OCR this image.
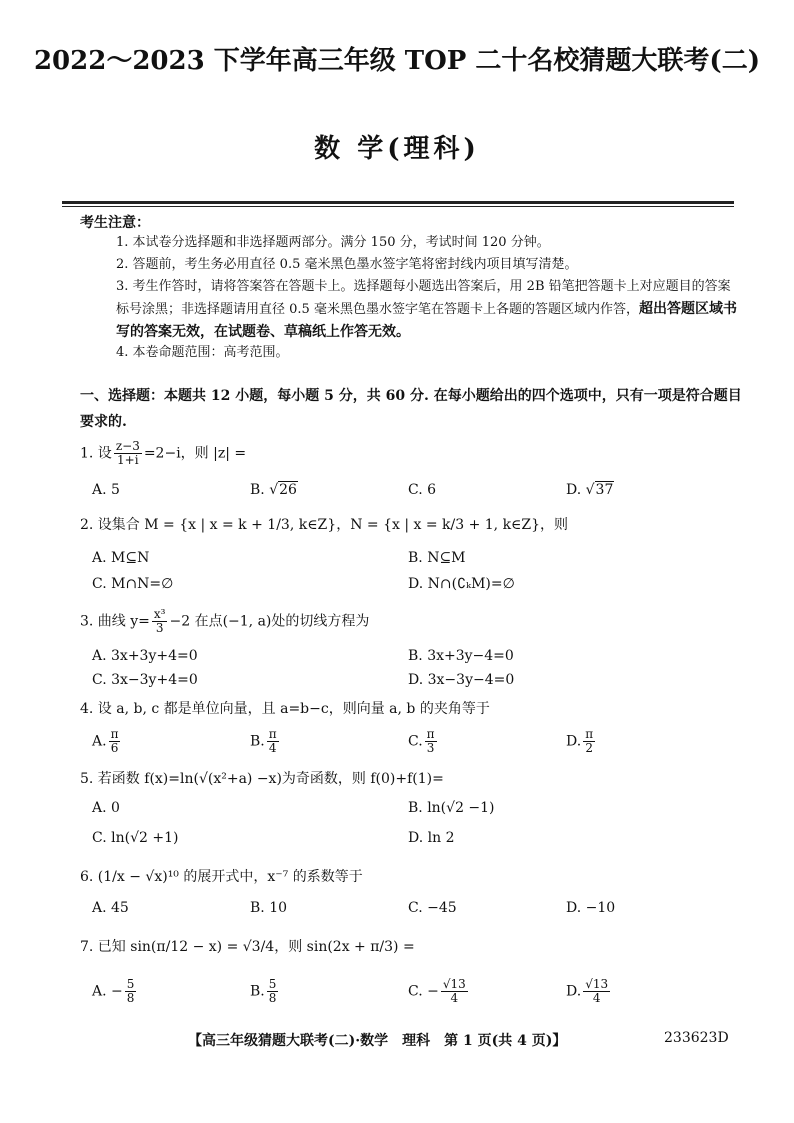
2022～2023 下学年高三年级 TOP 二十名校猜题大联考(二)
数 学(理科)
考生注意：
1. 本试卷分选择题和非选择题两部分。满分 150 分，考试时间 120 分钟。
2. 答题前，考生务必用直径 0.5 毫米黑色墨水签字笔将密封线内项目填写清楚。
3. 考生作答时，请将答案答在答题卡上。选择题每小题选出答案后，用 2B 铅笔把答题卡上对应题目的答案标号涂黑；非选择题请用直径 0.5 毫米黑色墨水签字笔在答题卡上各题的答题区域内作答，超出答题区域书写的答案无效，在试题卷、草稿纸上作答无效。
4. 本卷命题范围：高考范围。
一、选择题：本题共 12 小题，每小题 5 分，共 60 分. 在每小题给出的四个选项中，只有一项是符合题目要求的.
1. 设 $\frac{z-3}{1+i} =2-i$，则 |z| =
A. 5	B. √26	C. 6	D. √37
2. 设集合 M = {x | x = k + 1/3, k∈Z}，N = {x | x = k/3 + 1, k∈Z}，则
A. M⊆N	B. N⊆M
C. M∩N=∅	D. N∩(∁ₖM)=∅
3. 曲线 $y= \frac{\text{x³}}{3} -2$ 在点(−1, a)处的切线方程为
A. 3x+3y+4=0	B. 3x+3y−4=0
C. 3x−3y+4=0	D. 3x−3y−4=0
4. 设 a, b, c 都是单位向量，且 a=b−c，则向量 a, b 的夹角等于
A. $\frac{\pi}{6}$	B. $\frac{\pi}{4}$	C. $\frac{\pi}{3}$	D. $\frac{\pi}{2}$
5. 若函数 f(x)=ln(√(x²+a) −x)为奇函数，则 f(0)+f(1)=
A. 0	B. ln(√2 −1)
C. ln(√2 +1)	D. ln 2
6. (1/x − √x)¹⁰ 的展开式中，x⁻⁷ 的系数等于
A. 45	B. 10	C. −45	D. −10
7. 已知 sin(π/12 − x) = √3/4，则 sin(2x + π/3) =
A. − $\frac{5}{8}$	B. $\frac{5}{8}$	C. − $\frac{√13}{4}$	D. $\frac{√13}{4}$
【高三年级猜题大联考(二)·数学　理科　第 1 页(共 4 页)】	233623D
